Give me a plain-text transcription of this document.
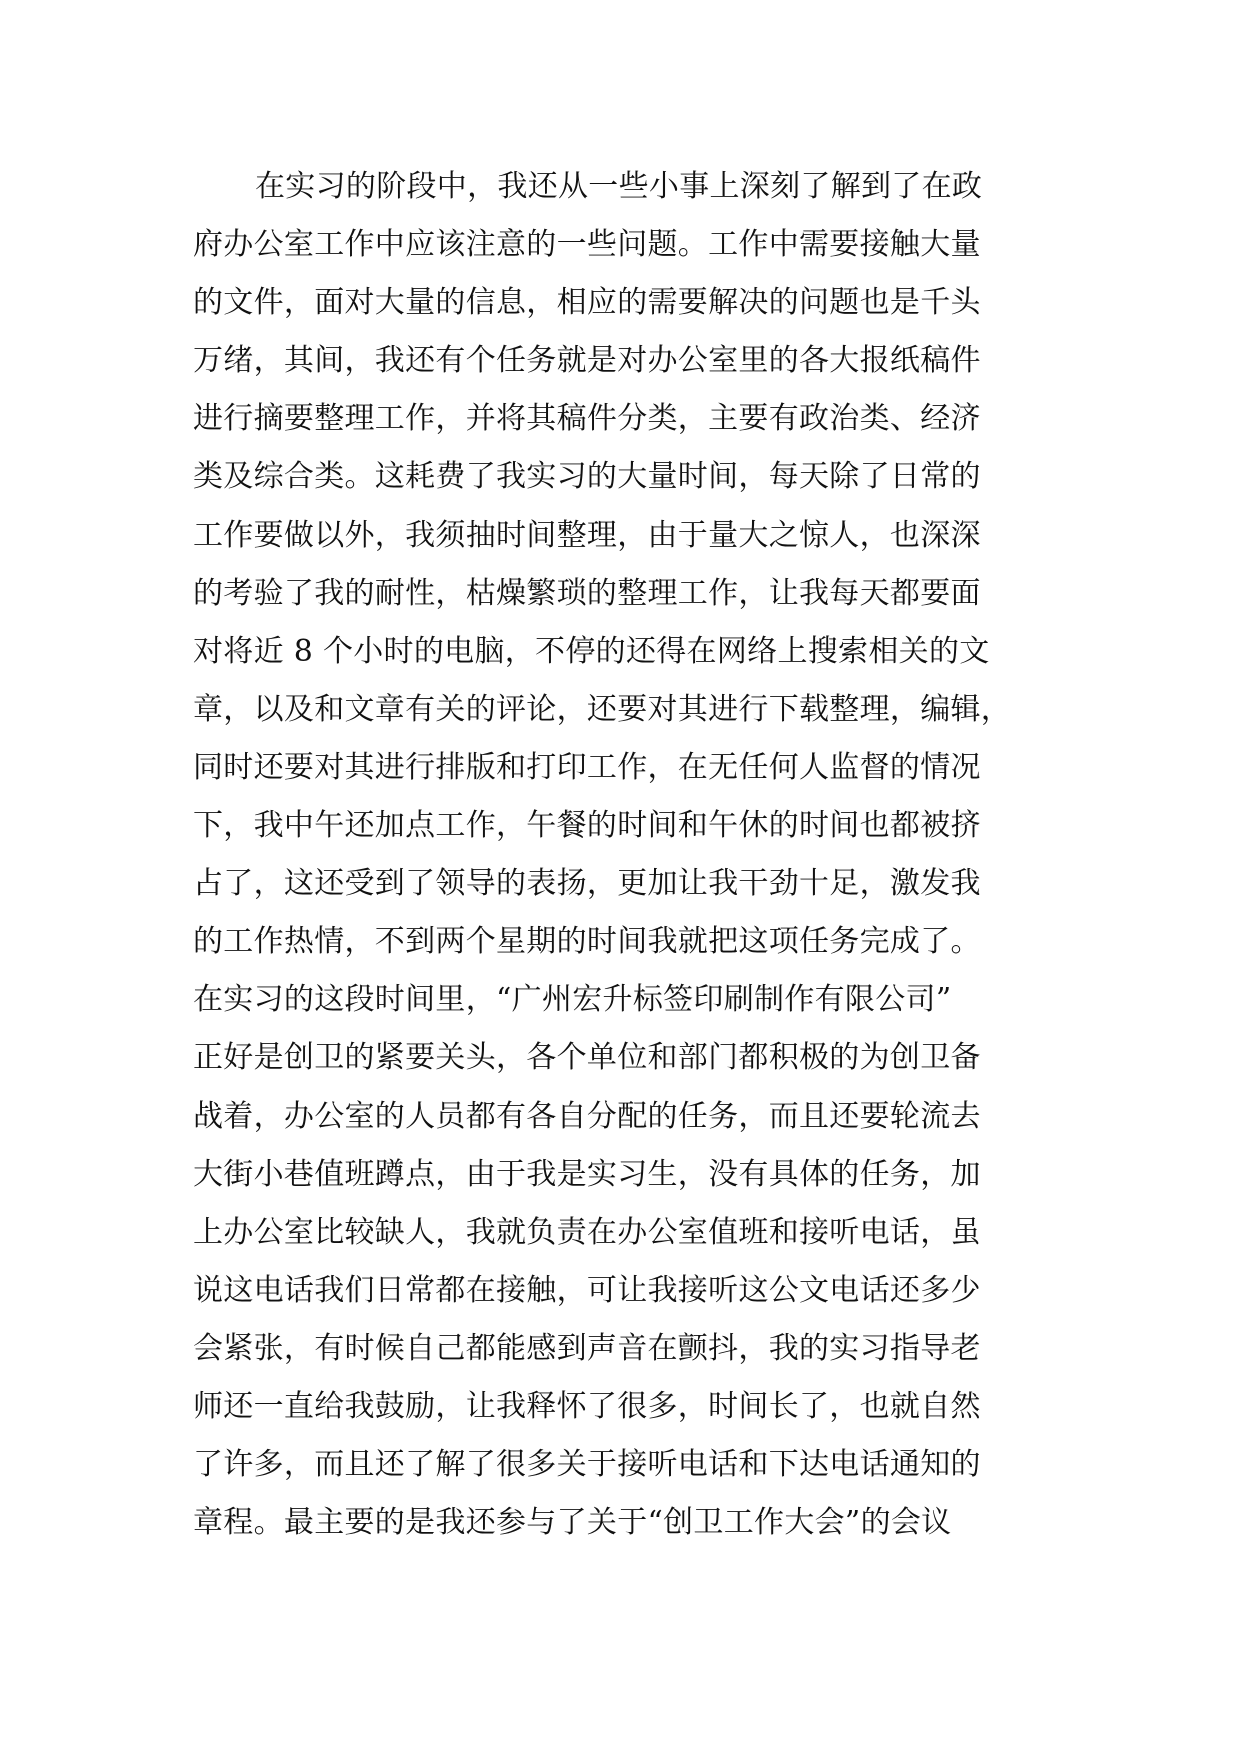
在实习的阶段中，我还从一些小事上深刻了解到了在政
府办公室工作中应该注意的一些问题。工作中需要接触大量
的文件，面对大量的信息，相应的需要解决的问题也是千头
万绪，其间，我还有个任务就是对办公室里的各大报纸稿件
进行摘要整理工作，并将其稿件分类，主要有政治类、经济
类及综合类。这耗费了我实习的大量时间，每天除了日常的
工作要做以外，我须抽时间整理，由于量大之惊人，也深深
的考验了我的耐性，枯燥繁琐的整理工作，让我每天都要面
对将近 8 个小时的电脑，不停的还得在网络上搜索相关的文
章，以及和文章有关的评论，还要对其进行下载整理，编辑，
同时还要对其进行排版和打印工作，在无任何人监督的情况
下，我中午还加点工作，午餐的时间和午休的时间也都被挤
占了，这还受到了领导的表扬，更加让我干劲十足，激发我
的工作热情，不到两个星期的时间我就把这项任务完成了。
在实习的这段时间里，“广州宏升标签印刷制作有限公司”
正好是创卫的紧要关头，各个单位和部门都积极的为创卫备
战着，办公室的人员都有各自分配的任务，而且还要轮流去
大街小巷值班蹲点，由于我是实习生，没有具体的任务，加
上办公室比较缺人，我就负责在办公室值班和接听电话，虽
说这电话我们日常都在接触，可让我接听这公文电话还多少
会紧张，有时候自己都能感到声音在颤抖，我的实习指导老
师还一直给我鼓励，让我释怀了很多，时间长了，也就自然
了许多，而且还了解了很多关于接听电话和下达电话通知的
章程。最主要的是我还参与了关于“创卫工作大会”的会议
